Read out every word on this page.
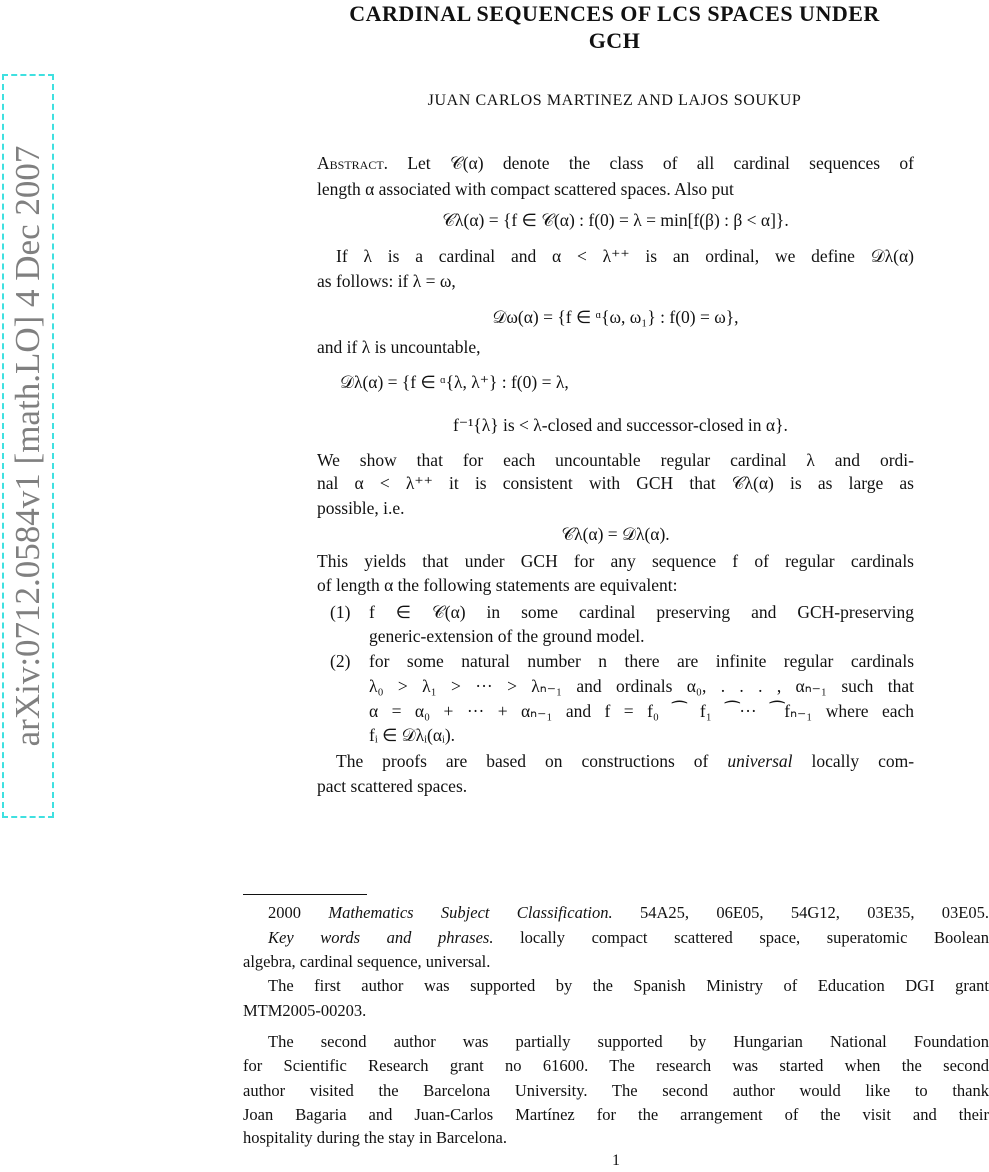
CARDINAL SEQUENCES OF LCS SPACES UNDER
GCH
arXiv:0712.0584v1 [math.LO] 4 Dec 2007
JUAN CARLOS MARTINEZ AND LAJOS SOUKUP
Abstract. Let 𝒞(α) denote the class of all cardinal sequences of
length α associated with compact scattered spaces. Also put
𝒞λ(α) = {f ∈ 𝒞(α) : f(0) = λ = min[f(β) : β < α]}.
If λ is a cardinal and α < λ⁺⁺ is an ordinal, we define 𝒟λ(α)
as follows: if λ = ω,
𝒟ω(α) = {f ∈ ᵅ{ω, ω₁} : f(0) = ω},
and if λ is uncountable,
𝒟λ(α) = {f ∈ ᵅ{λ, λ⁺} : f(0) = λ,
f⁻¹{λ} is < λ-closed and successor-closed in α}.
We show that for each uncountable regular cardinal λ and ordi-
nal α < λ⁺⁺ it is consistent with GCH that 𝒞λ(α) is as large as
possible, i.e.
𝒞λ(α) = 𝒟λ(α).
This yields that under GCH for any sequence f of regular cardinals
of length α the following statements are equivalent:
(1) f ∈ 𝒞(α) in some cardinal preserving and GCH-preserving
generic-extension of the ground model.
(2) for some natural number n there are infinite regular cardinals
λ₀ > λ₁ > ··· > λₙ₋₁ and ordinals α₀, . . . , αₙ₋₁ such that
α = α₀ + ··· + αₙ₋₁ and f = f₀ ⁀ f₁ ⁀··· ⁀fₙ₋₁ where each
fᵢ ∈ 𝒟λᵢ(αᵢ).
The proofs are based on constructions of universal locally com-
pact scattered spaces.
2000 Mathematics Subject Classification. 54A25, 06E05, 54G12, 03E35, 03E05.
Key words and phrases. locally compact scattered space, superatomic Boolean
algebra, cardinal sequence, universal.
The first author was supported by the Spanish Ministry of Education DGI grant
MTM2005-00203.
The second author was partially supported by Hungarian National Foundation
for Scientific Research grant no 61600. The research was started when the second
author visited the Barcelona University. The second author would like to thank
Joan Bagaria and Juan-Carlos Martínez for the arrangement of the visit and their
hospitality during the stay in Barcelona.
1
